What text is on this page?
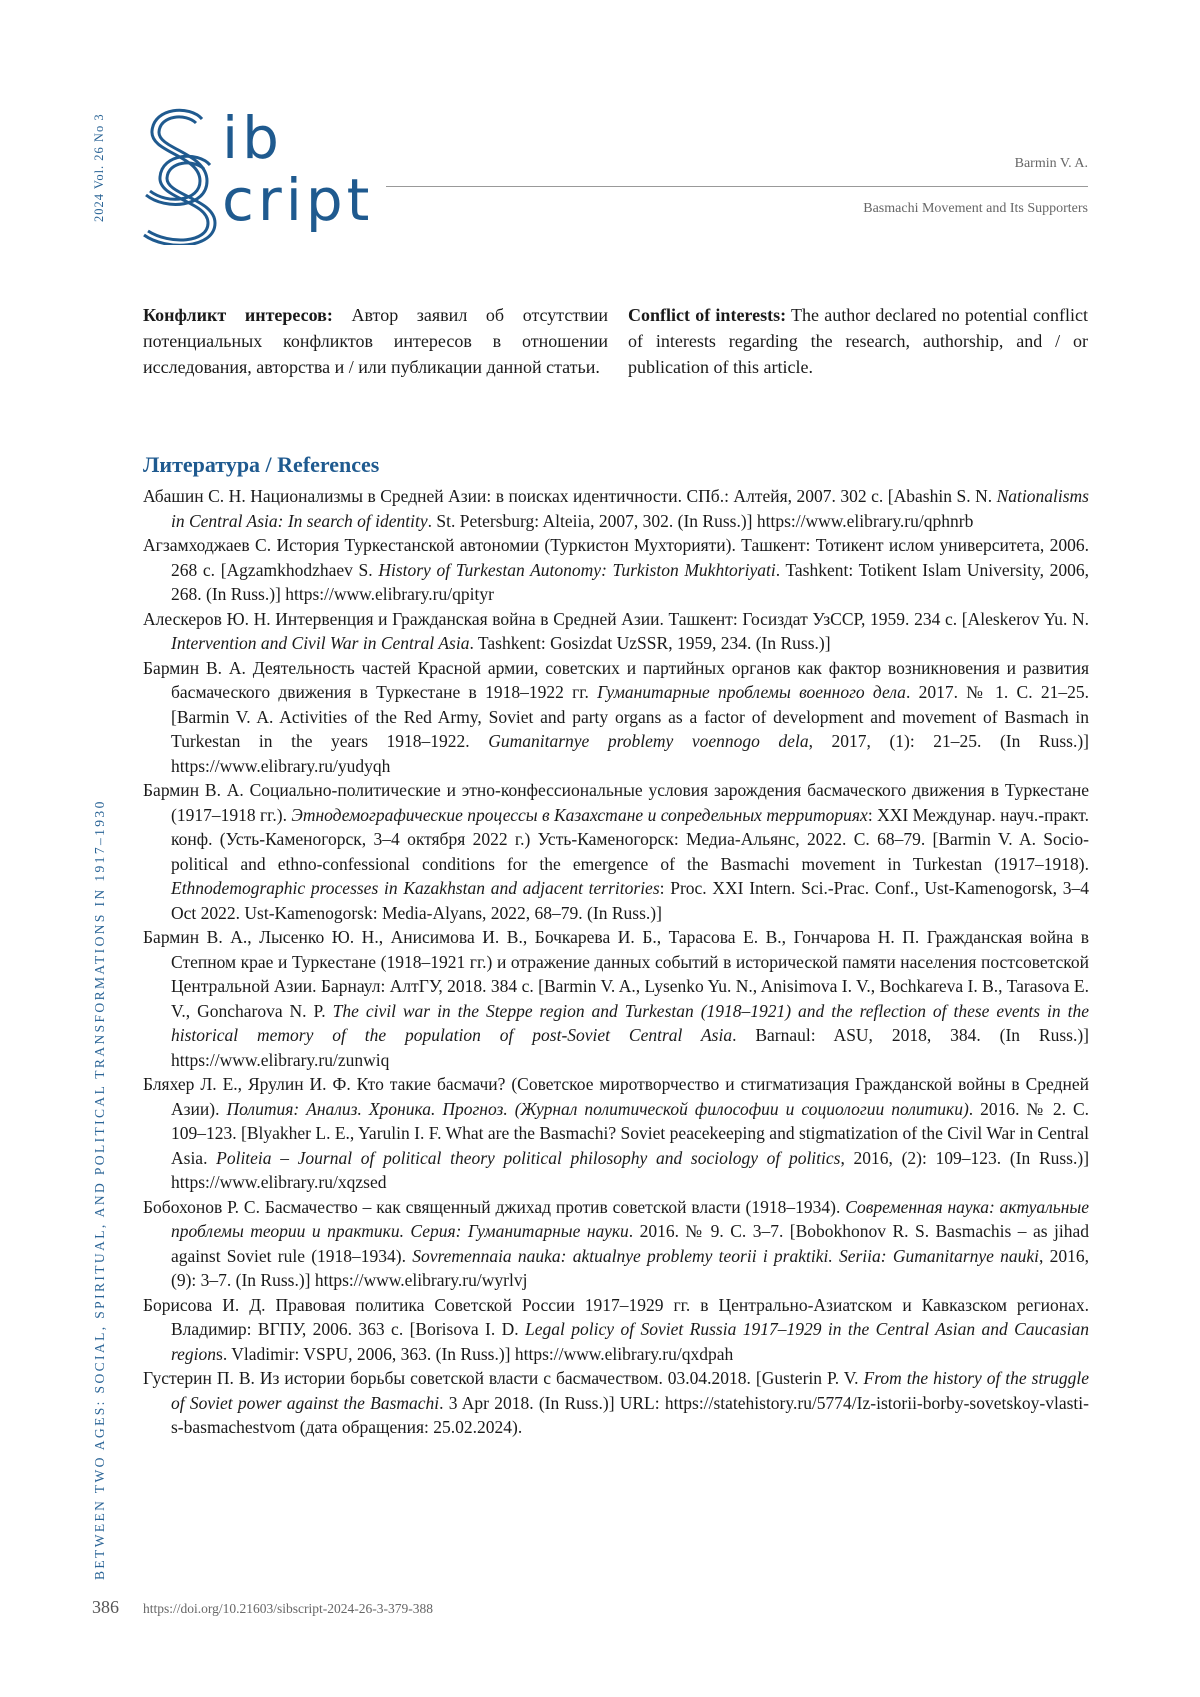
2024 Vol. 26 No 3
BETWEEN TWO AGES: SOCIAL, SPIRITUAL, AND POLITICAL TRANSFORMATIONS IN 1917–1930
ib
cript
Barmin V. A.
Basmachi Movement and Its Supporters

Конфликт интересов: Автор заявил об отсутствии потенциальных конфликтов интересов в отношении исследования, авторства и / или публикации данной статьи.

Conflict of interests: The author declared no potential conflict of interests regarding the research, authorship, and / or publication of this article.

Литература / References

Абашин С. Н. Национализмы в Средней Азии: в поисках идентичности. СПб.: Алтейя, 2007. 302 с. [Abashin S. N. Nationalisms in Central Asia: In search of identity. St. Petersburg: Alteiia, 2007, 302. (In Russ.)] https://www.elibrary.ru/qphnrb

Агзамходжаев С. История Туркестанской автономии (Туркистон Мухторияти). Ташкент: Тотикент ислом университета, 2006. 268 с. [Agzamkhodzhaev S. History of Turkestan Autonomy: Turkiston Mukhtoriyati. Tashkent: Totikent Islam University, 2006, 268. (In Russ.)] https://www.elibrary.ru/qpityr

Алескеров Ю. Н. Интервенция и Гражданская война в Средней Азии. Ташкент: Госиздат УзССР, 1959. 234 с. [Aleskerov Yu. N. Intervention and Civil War in Central Asia. Tashkent: Gosizdat UzSSR, 1959, 234. (In Russ.)]

Бармин В. А. Деятельность частей Красной армии, советских и партийных органов как фактор возникновения и развития басмаческого движения в Туркестане в 1918–1922 гг. Гуманитарные проблемы военного дела. 2017. № 1. С. 21–25. [Barmin V. A. Activities of the Red Army, Soviet and party organs as a factor of development and movement of Basmach in Turkestan in the years 1918–1922. Gumanitarnye problemy voennogo dela, 2017, (1): 21–25. (In Russ.)] https://www.elibrary.ru/yudyqh

Бармин В. А. Социально-политические и этно-конфессиональные условия зарождения басмаческого движения в Туркестане (1917–1918 гг.). Этнодемографические процессы в Казахстане и сопредельных территориях: XXI Междунар. науч.-практ. конф. (Усть-Каменогорск, 3–4 октября 2022 г.) Усть-Каменогорск: Медиа-Альянс, 2022. С. 68–79. [Barmin V. A. Socio-political and ethno-confessional conditions for the emergence of the Basmachi movement in Turkestan (1917–1918). Ethnodemographic processes in Kazakhstan and adjacent territories: Proc. XXI Intern. Sci.-Prac. Conf., Ust-Kamenogorsk, 3–4 Oct 2022. Ust-Kamenogorsk: Media-Alyans, 2022, 68–79. (In Russ.)]

Бармин В. А., Лысенко Ю. Н., Анисимова И. В., Бочкарева И. Б., Тарасова Е. В., Гончарова Н. П. Гражданская война в Степном крае и Туркестане (1918–1921 гг.) и отражение данных событий в исторической памяти населения постсоветской Центральной Азии. Барнаул: АлтГУ, 2018. 384 с. [Barmin V. A., Lysenko Yu. N., Anisimova I. V., Bochkareva I. B., Tarasova E. V., Goncharova N. P. The civil war in the Steppe region and Turkestan (1918–1921) and the reflection of these events in the historical memory of the population of post-Soviet Central Asia. Barnaul: ASU, 2018, 384. (In Russ.)] https://www.elibrary.ru/zunwiq

Бляхер Л. Е., Ярулин И. Ф. Кто такие басмачи? (Советское миротворчество и стигматизация Гражданской войны в Средней Азии). Полития: Анализ. Хроника. Прогноз. (Журнал политической философии и социологии политики). 2016. № 2. С. 109–123. [Blyakher L. E., Yarulin I. F. What are the Basmachi? Soviet peacekeeping and stigmatization of the Civil War in Central Asia. Politeia – Journal of political theory political philosophy and sociology of politics, 2016, (2): 109–123. (In Russ.)] https://www.elibrary.ru/xqzsed

Бобохонов Р. С. Басмачество – как священный джихад против советской власти (1918–1934). Современная наука: актуальные проблемы теории и практики. Серия: Гуманитарные науки. 2016. № 9. С. 3–7. [Bobokhonov R. S. Basmachis – as jihad against Soviet rule (1918–1934). Sovremennaia nauka: aktualnye problemy teorii i praktiki. Seriia: Gumanitarnye nauki, 2016, (9): 3–7. (In Russ.)] https://www.elibrary.ru/wyrlvj

Борисова И. Д. Правовая политика Советской России 1917–1929 гг. в Центрально-Азиатском и Кавказском регионах. Владимир: ВГПУ, 2006. 363 с. [Borisova I. D. Legal policy of Soviet Russia 1917–1929 in the Central Asian and Caucasian regions. Vladimir: VSPU, 2006, 363. (In Russ.)] https://www.elibrary.ru/qxdpah

Густерин П. В. Из истории борьбы советской власти с басмачеством. 03.04.2018. [Gusterin P. V. From the history of the struggle of Soviet power against the Basmachi. 3 Apr 2018. (In Russ.)] URL: https://statehistory.ru/5774/Iz-istorii-borby-sovetskoy-vlasti-s-basmachestvom (дата обращения: 25.02.2024).

386 https://doi.org/10.21603/sibscript-2024-26-3-379-388
